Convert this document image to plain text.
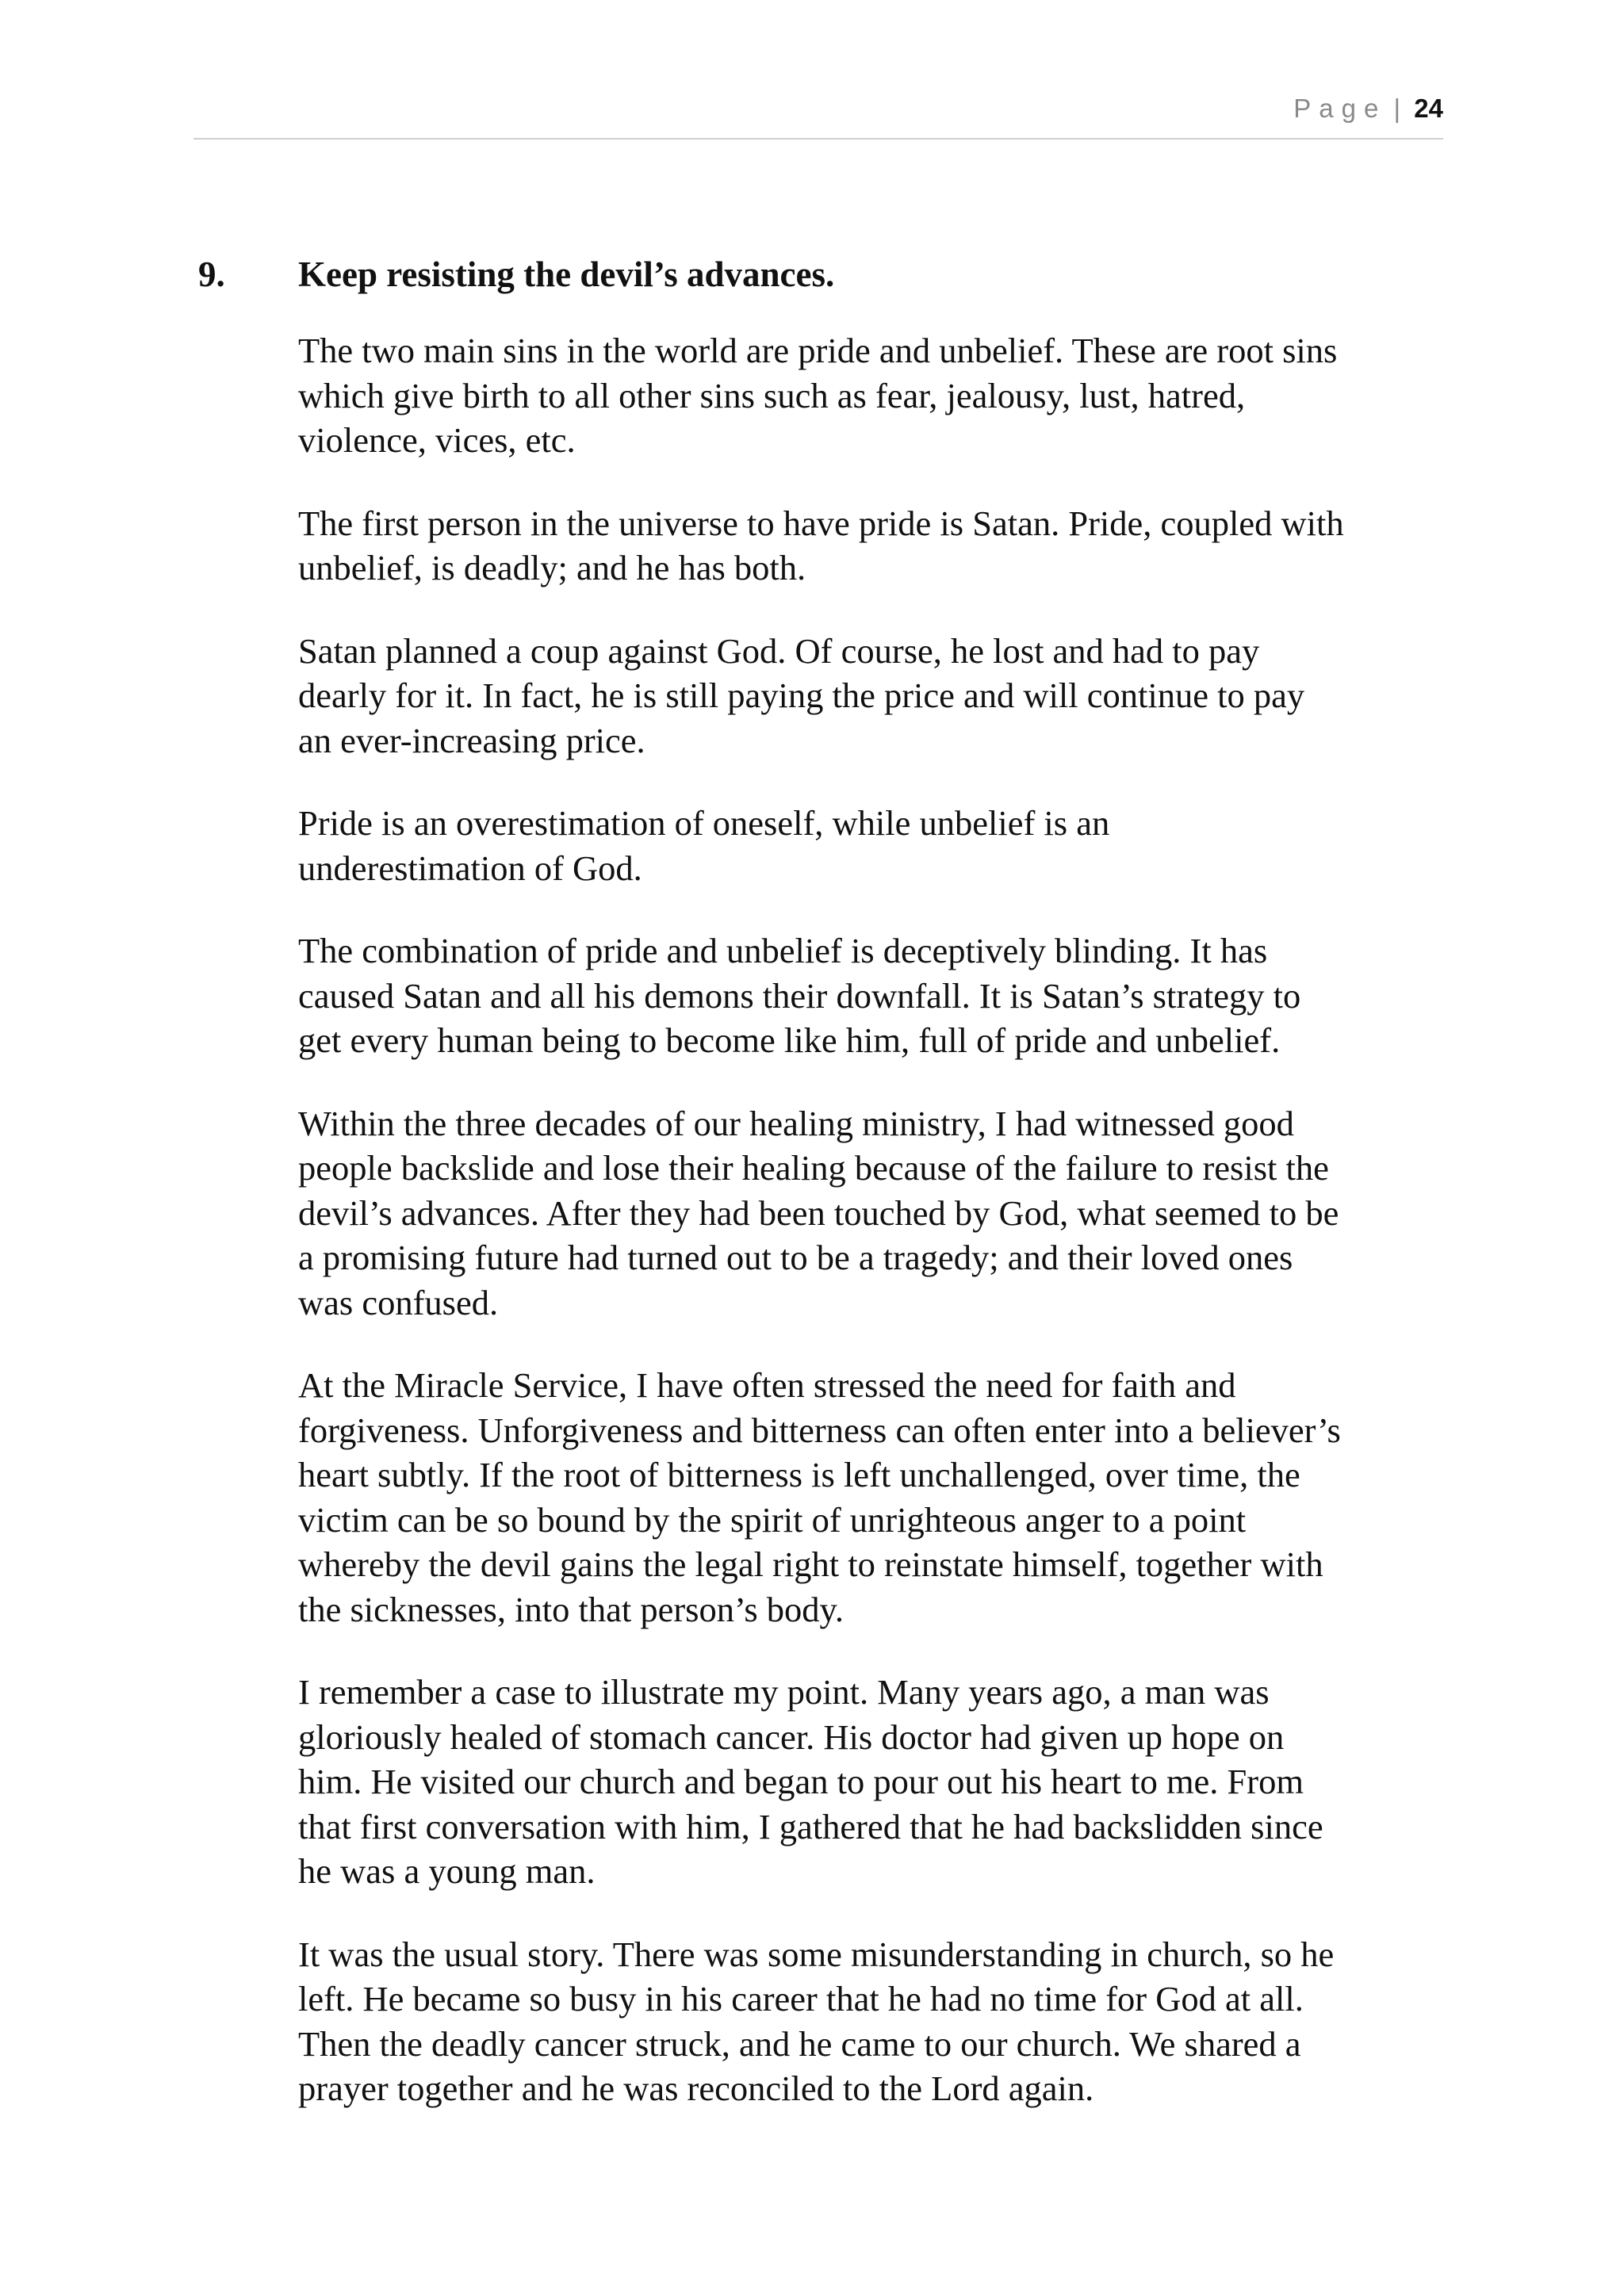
Page | 24
9. Keep resisting the devil’s advances.

The two main sins in the world are pride and unbelief. These are root sins
which give birth to all other sins such as fear, jealousy, lust, hatred,
violence, vices, etc.

The first person in the universe to have pride is Satan. Pride, coupled with
unbelief, is deadly; and he has both.

Satan planned a coup against God. Of course, he lost and had to pay
dearly for it. In fact, he is still paying the price and will continue to pay
an ever-increasing price.

Pride is an overestimation of oneself, while unbelief is an
underestimation of God.

The combination of pride and unbelief is deceptively blinding. It has
caused Satan and all his demons their downfall. It is Satan’s strategy to
get every human being to become like him, full of pride and unbelief.

Within the three decades of our healing ministry, I had witnessed good
people backslide and lose their healing because of the failure to resist the
devil’s advances. After they had been touched by God, what seemed to be
a promising future had turned out to be a tragedy; and their loved ones
was confused.

At the Miracle Service, I have often stressed the need for faith and
forgiveness. Unforgiveness and bitterness can often enter into a believer’s
heart subtly. If the root of bitterness is left unchallenged, over time, the
victim can be so bound by the spirit of unrighteous anger to a point
whereby the devil gains the legal right to reinstate himself, together with
the sicknesses, into that person’s body.

I remember a case to illustrate my point. Many years ago, a man was
gloriously healed of stomach cancer. His doctor had given up hope on
him. He visited our church and began to pour out his heart to me. From
that first conversation with him, I gathered that he had backslidden since
he was a young man.

It was the usual story. There was some misunderstanding in church, so he
left. He became so busy in his career that he had no time for God at all.
Then the deadly cancer struck, and he came to our church. We shared a
prayer together and he was reconciled to the Lord again.
